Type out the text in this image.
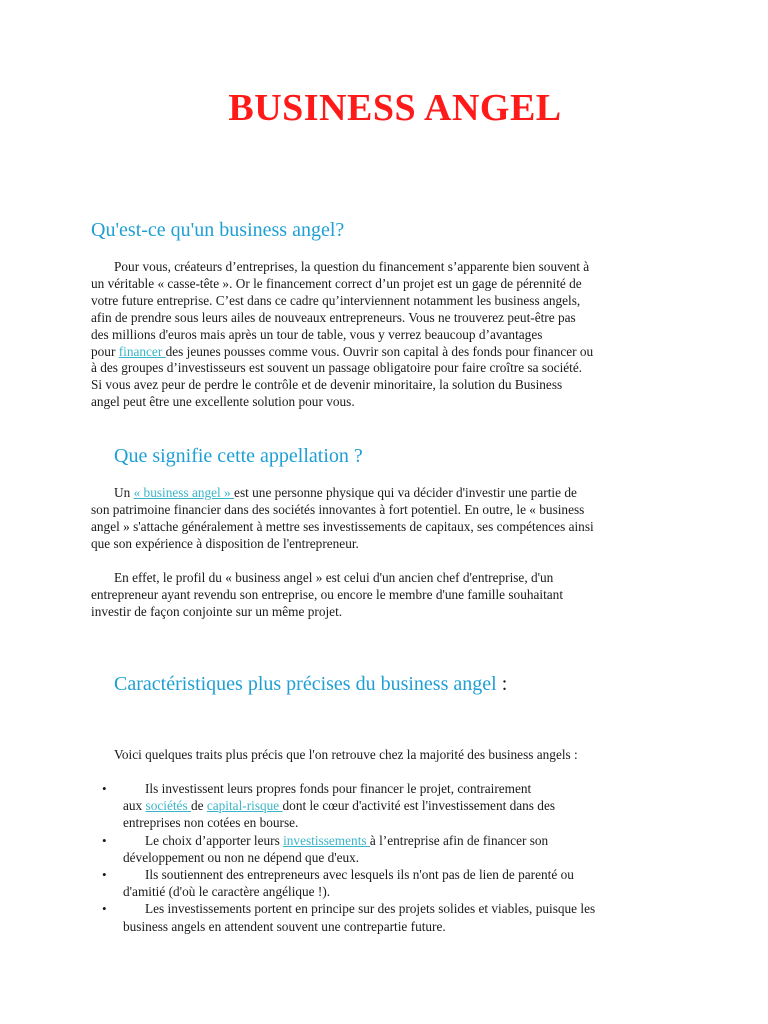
BUSINESS ANGEL
Qu'est-ce qu'un business angel?
Pour vous, créateurs d’entreprises, la question du financement s’apparente bien souvent à
un véritable « casse-tête ». Or le financement correct d’un projet est un gage de pérennité de
votre future entreprise. C’est dans ce cadre qu’interviennent notamment les business angels,
afin de prendre sous leurs ailes de nouveaux entrepreneurs. Vous ne trouverez peut-être pas
des millions d'euros mais après un tour de table, vous y verrez beaucoup d’avantages
pour financer des jeunes pousses comme vous. Ouvrir son capital à des fonds pour financer ou
à des groupes d’investisseurs est souvent un passage obligatoire pour faire croître sa société.
Si vous avez peur de perdre le contrôle et de devenir minoritaire, la solution du Business
angel peut être une excellente solution pour vous.
Que signifie cette appellation ?
Un « business angel » est une personne physique qui va décider d'investir une partie de
son patrimoine financier dans des sociétés innovantes à fort potentiel. En outre, le « business
angel » s'attache généralement à mettre ses investissements de capitaux, ses compétences ainsi
que son expérience à disposition de l'entrepreneur.
En effet, le profil du « business angel » est celui d'un ancien chef d'entreprise, d'un
entrepreneur ayant revendu son entreprise, ou encore le membre d'une famille souhaitant
investir de façon conjointe sur un même projet.
Caractéristiques plus précises du business angel :
Voici quelques traits plus précis que l'on retrouve chez la majorité des business angels :
•	Ils investissent leurs propres fonds pour financer le projet, contrairement
aux sociétés de capital-risque dont le cœur d'activité est l'investissement dans des
entreprises non cotées en bourse.
•	Le choix d’apporter leurs investissements à l’entreprise afin de financer son
développement ou non ne dépend que d'eux.
•	Ils soutiennent des entrepreneurs avec lesquels ils n'ont pas de lien de parenté ou
d'amitié (d'où le caractère angélique !).
•	Les investissements portent en principe sur des projets solides et viables, puisque les
business angels en attendent souvent une contrepartie future.
